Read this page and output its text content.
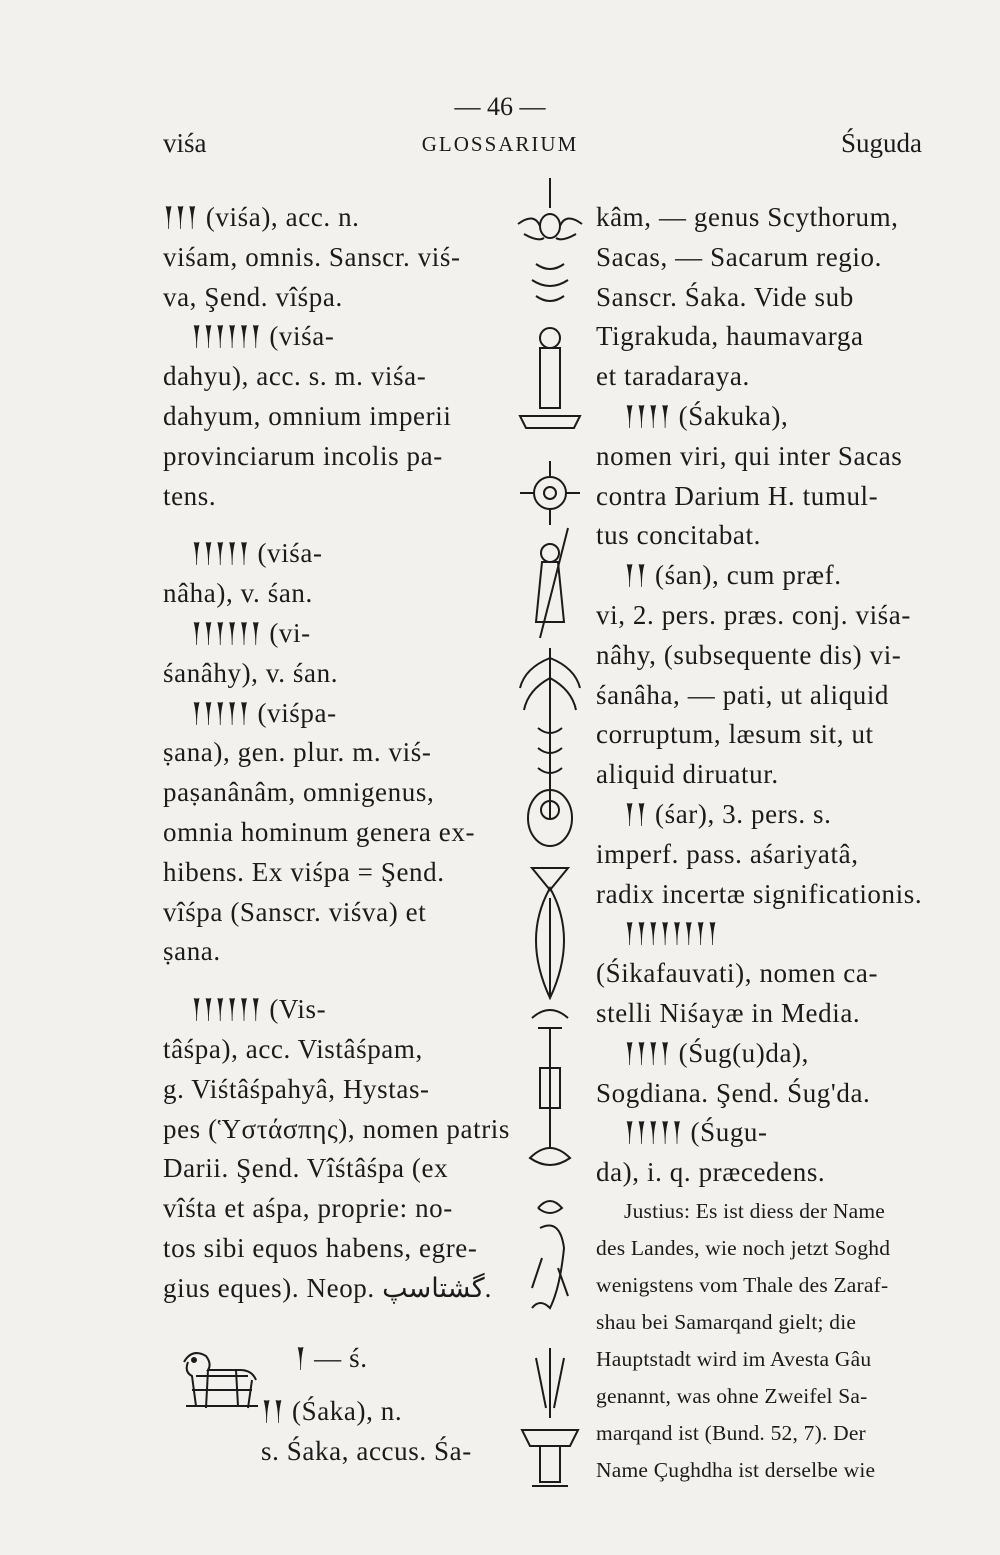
— 46 —
viśa	GLOSSARIUM	Śuguda
𒁹𒁹𒁹 (viśa), acc. n.
viśam, omnis. Sanscr. viś-
va, Şend. vîśpa.
𒁹𒁹𒁹𒁹𒁹𒁹 (viśa-
dahyu), acc. s. m. viśa-
dahyum, omnium imperii
provinciarum incolis pa-
tens.
𒁹𒁹𒁹𒁹𒁹 (viśa-
nâha), v. śan.
𒁹𒁹𒁹𒁹𒁹𒁹 (vi-
śanâhy), v. śan.
𒁹𒁹𒁹𒁹𒁹 (viśpa-
ṣana), gen. plur. m. viś-
paṣanânâm, omnigenus,
omnia hominum genera ex-
hibens. Ex viśpa = Şend.
vîśpa (Sanscr. viśva) et
ṣana.
𒁹𒁹𒁹𒁹𒁹𒁹 (Vis-
tâśpa), acc. Vistâśpam,
g. Viśtâśpahyâ, Hystas-
pes (Ὑστάσπης), nomen patris
Darii. Şend. Vîśtâśpa (ex
vîśta et aśpa, proprie: no-
tos sibi equos habens, egre-
gius eques). Neop. گشتاسپ.
𒁹 — ś.
𒁹𒁹 (Śaka), n.
s. Śaka, accus. Śa-
kâm, — genus Scythorum,
Sacas, — Sacarum regio.
Sanscr. Śaka. Vide sub
Tigrakuda, haumavarga
et taradaraya.
𒁹𒁹𒁹𒁹 (Śakuka),
nomen viri, qui inter Sacas
contra Darium H. tumul-
tus concitabat.
𒁹𒁹 (śan), cum præf.
vi, 2. pers. præs. conj. viśa-
nâhy, (subsequente dis) vi-
śanâha, — pati, ut aliquid
corruptum, læsum sit, ut
aliquid diruatur.
𒁹𒁹 (śar), 3. pers. s.
imperf. pass. aśariyatâ,
radix incertæ significationis.
𒁹𒁹𒁹𒁹𒁹𒁹𒁹𒁹
(Śikafauvati), nomen ca-
stelli Niśayæ in Media.
𒁹𒁹𒁹𒁹 (Śug(u)da),
Sogdiana. Şend. Śug'da.
𒁹𒁹𒁹𒁹𒁹 (Śugu-
da), i. q. præcedens.
Justius: Es ist diess der Name
des Landes, wie noch jetzt Soghd
wenigstens vom Thale des Zaraf-
shau bei Samarqand gielt; die
Hauptstadt wird im Avesta Gâu
genannt, was ohne Zweifel Sa-
marqand ist (Bund. 52, 7). Der
Name Çughdha ist derselbe wie
